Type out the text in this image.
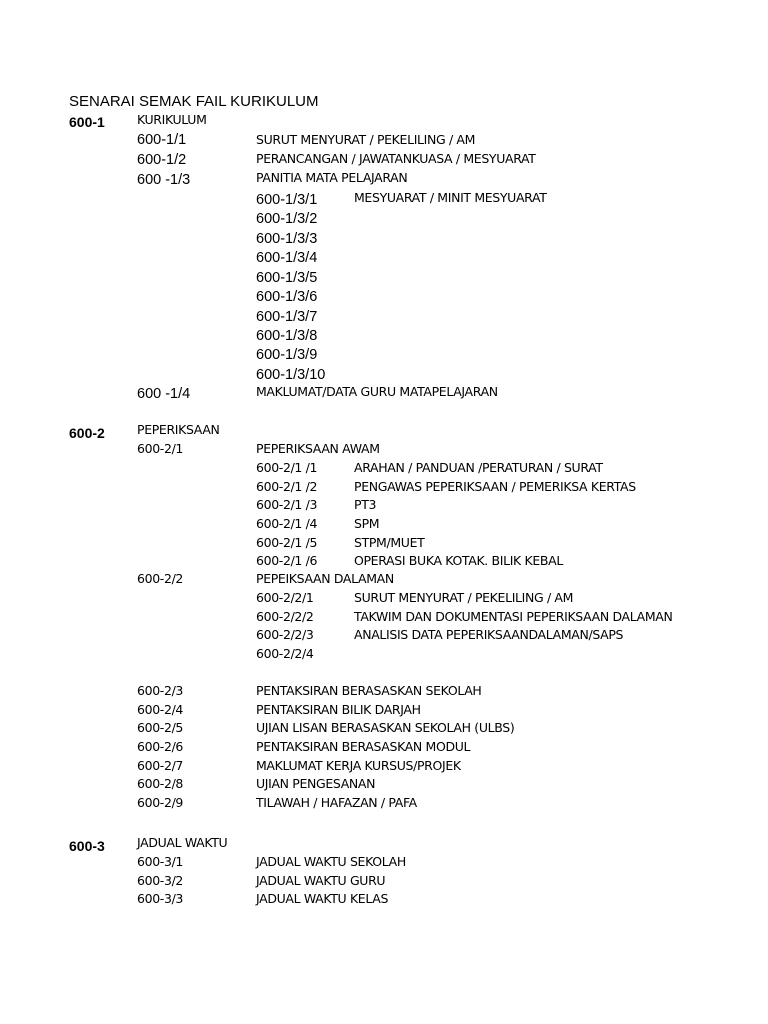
SENARAI SEMAK FAIL KURIKULUM
600-1	KURIKULUM
600-1/1	SURUT MENYURAT / PEKELILING / AM
600-1/2	PERANCANGAN / JAWATANKUASA / MESYUARAT
600 -1/3	PANITIA MATA PELAJARAN
600-1/3/1	MESYUARAT / MINIT MESYUARAT
600-1/3/2
600-1/3/3
600-1/3/4
600-1/3/5
600-1/3/6
600-1/3/7
600-1/3/8
600-1/3/9
600-1/3/10
600 -1/4	MAKLUMAT/DATA GURU MATAPELAJARAN
600-2	PEPERIKSAAN
600-2/1	PEPERIKSAAN AWAM
600-2/1 /1	ARAHAN / PANDUAN /PERATURAN / SURAT
600-2/1 /2	PENGAWAS PEPERIKSAAN / PEMERIKSA KERTAS
600-2/1 /3	PT3
600-2/1 /4	SPM
600-2/1 /5	STPM/MUET
600-2/1 /6	OPERASI BUKA KOTAK. BILIK KEBAL
600-2/2	PEPEIKSAAN DALAMAN
600-2/2/1	SURUT MENYURAT / PEKELILING / AM
600-2/2/2	TAKWIM DAN DOKUMENTASI PEPERIKSAAN DALAMAN
600-2/2/3	ANALISIS DATA PEPERIKSAANDALAMAN/SAPS
600-2/2/4
600-2/3	PENTAKSIRAN BERASASKAN SEKOLAH
600-2/4	PENTAKSIRAN BILIK DARJAH
600-2/5	UJIAN LISAN BERASASKAN SEKOLAH (ULBS)
600-2/6	PENTAKSIRAN BERASASKAN MODUL
600-2/7	MAKLUMAT KERJA KURSUS/PROJEK
600-2/8	UJIAN PENGESANAN
600-2/9	TILAWAH / HAFAZAN / PAFA
600-3	JADUAL WAKTU
600-3/1	JADUAL WAKTU SEKOLAH
600-3/2	JADUAL WAKTU GURU
600-3/3	JADUAL WAKTU KELAS
